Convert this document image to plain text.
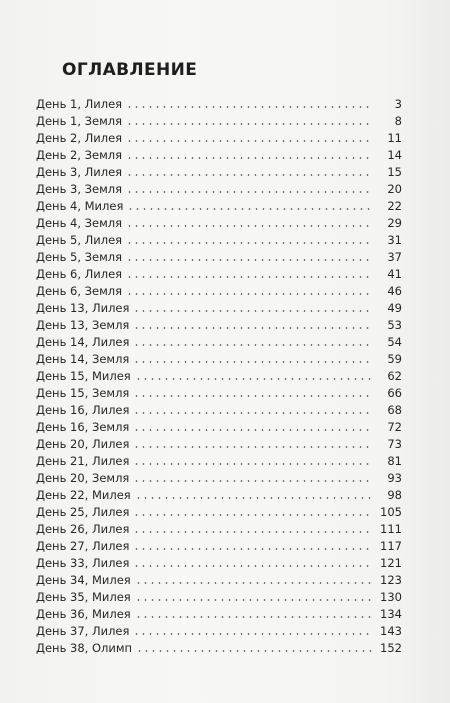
ОГЛАВЛЕНИЕ
День 1, Лилея	3
День 1, Земля	8
День 2, Лилея	11
День 2, Земля	14
День 3, Лилея	15
День 3, Земля	20
День 4, Милея	22
День 4, Земля	29
День 5, Лилея	31
День 5, Земля	37
День 6, Лилея	41
День 6, Земля	46
День 13, Лилея	49
День 13, Земля	53
День 14, Лилея	54
День 14, Земля	59
День 15, Милея	62
День 15, Земля	66
День 16, Лилея	68
День 16, Земля	72
День 20, Лилея	73
День 21, Лилея	81
День 20, Земля	93
День 22, Милея	98
День 25, Лилея	105
День 26, Лилея	111
День 27, Лилея	117
День 33, Лилея	121
День 34, Милея	123
День 35, Милея	130
День 36, Милея	134
День 37, Лилея	143
День 38, Олимп	152
